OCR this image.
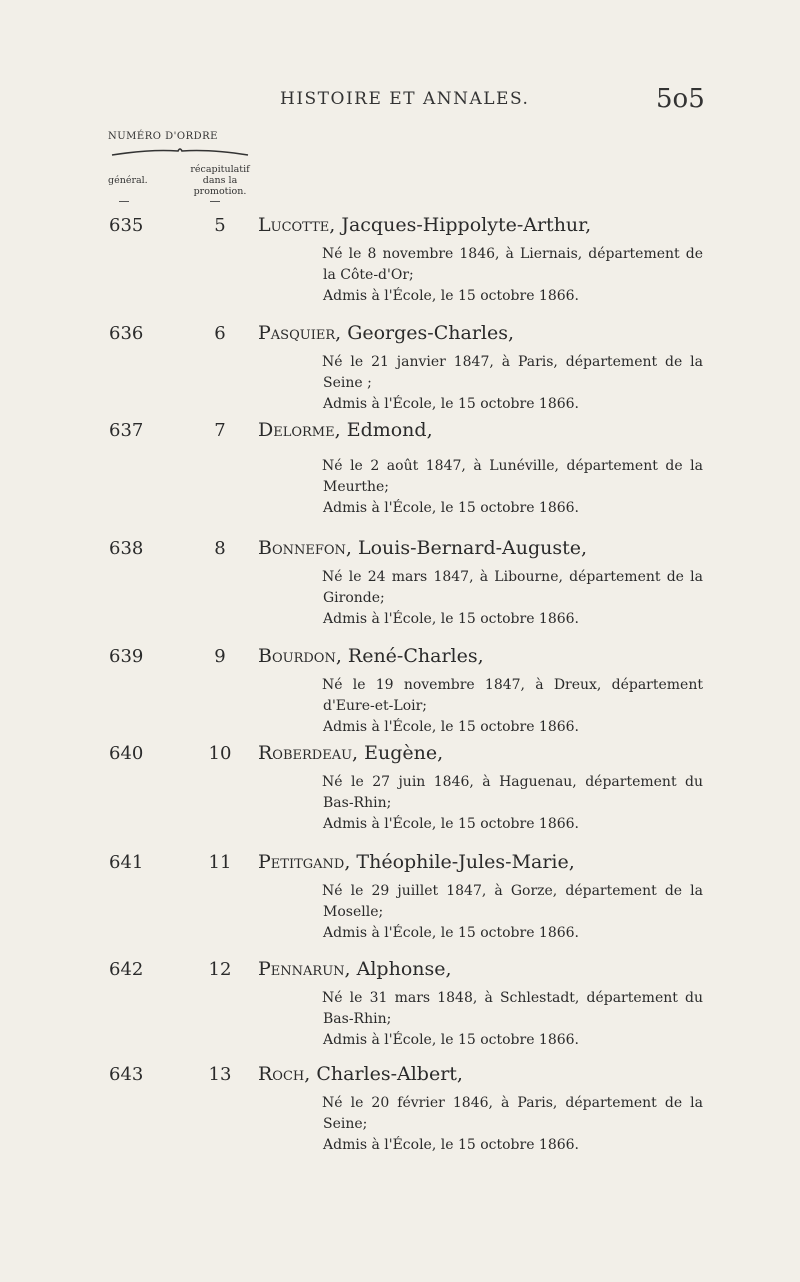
HISTOIRE ET ANNALES.	5o5
NUMÉRO D'ORDRE
général.
récapitulatif
dans la
promotion.
635	5	Lucotte, Jacques-Hippolyte-Arthur,
Né le 8 novembre 1846, à Liernais, département de la Côte-d'Or;
Admis à l'École, le 15 octobre 1866.
636	6	Pasquier, Georges-Charles,
Né le 21 janvier 1847, à Paris, département de la Seine ;
Admis à l'École, le 15 octobre 1866.
637	7	Delorme, Edmond,
Né le 2 août 1847, à Lunéville, département de la Meurthe;
Admis à l'École, le 15 octobre 1866.
638	8	Bonnefon, Louis-Bernard-Auguste,
Né le 24 mars 1847, à Libourne, département de la Gironde;
Admis à l'École, le 15 octobre 1866.
639	9	Bourdon, René-Charles,
Né le 19 novembre 1847, à Dreux, département d'Eure-et-Loir;
Admis à l'École, le 15 octobre 1866.
640	10 Roberdeau, Eugène,
Né le 27 juin 1846, à Haguenau, département du Bas-Rhin;
Admis à l'École, le 15 octobre 1866.
641	11 Petitgand, Théophile-Jules-Marie,
Né le 29 juillet 1847, à Gorze, département de la Moselle;
Admis à l'École, le 15 octobre 1866.
642	12 Pennarun, Alphonse,
Né le 31 mars 1848, à Schlestadt, département du Bas-Rhin;
Admis à l'École, le 15 octobre 1866.
643	13 Roch, Charles-Albert,
Né le 20 février 1846, à Paris, département de la Seine;
Admis à l'École, le 15 octobre 1866.
